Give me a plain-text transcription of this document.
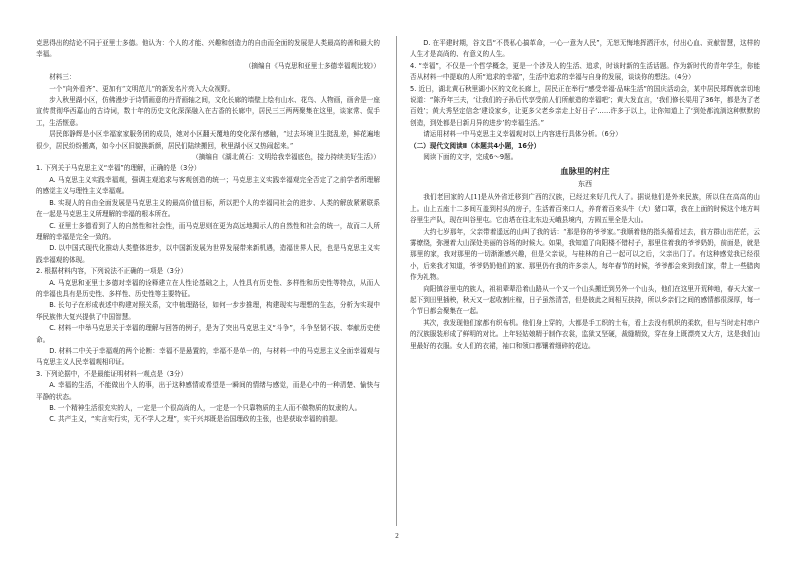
克思得出的结论不同于亚里士多德。他认为：个人的才能、兴趣和创造力的自由而全面的发展是人类最高的善和最大的幸福。

（摘编自《马克思和亚里士多德幸福观比较》）

材料三：

一个“向外看齐”、更加有“文明范儿”的新发名片亮入大众视野。

步入秋里湖小区，仿佛漫步于诗情画意的丹青画轴之间，文化长廊的墙壁上绘有山水、花鸟、人物画，画舍是一座宣传贯彻华西嘉山的古诗词，数十年的历史文化深深融入在古香的长廊中，居民三三两两聚集在这里，谈家常、侃手工，生活惬意。

居民郎静辉是小区幸福家家服务团的成员，她对小区翻天覆地的变化深有感触，“过去环境卫生挺乱差，鲜花遍地很少，居民纷纷搬离，如今小区旧貌换新颜，居民们陆续搬回，秋里湖小区又热闹起来。”

（摘编自《湖北黄石：文明给我幸福底色，接力持续美好生活》）

1. 下列关于马克思主义“幸福”的理解，正确的是（3分）

A. 马克思主义实践幸福观，强调主观追求与客观创造的统一；马克思主义实践幸福观完全否定了之前学者所理解的感觉主义与理性主义幸福观。

B. 实现人的自由全面发展是马克思主义的最高价值目标，所以把个人的幸福同社会的进步、人类的解放紧紧联系在一起是马克思主义所理解的幸福的根本所在。

C. 亚里士多德看到了人的自然性和社会性，而马克思则在更为高远地揭示人的自然性和社会的统一，故而二人所理解的幸福是完全一致的。

D. 以中国式现代化推动人类整体进步，以中国新发展为世界发展带来新机遇，造福世界人民，也是马克思主义实践幸福观的体现。

2. 根据材料内容，下列说法不正确的一项是（3分）

A. 马克思和亚里士多德对幸福的诠释建立在人性论基础之上，人性具有历史性、多样性和历史性等特点，从而人的幸福也具有是历史性、多样性、历史性等主要特征。

B. 长句子在形成表述中构建对照关系，文中梳理路径，如何一步步推理，构建现实与理想的生态，分析为实现中华民族伟大复兴提供了中国智慧。

C. 材料一中举马克思关于幸福的理解与回答的例子，是为了突出马克思主义“斗争”，斗争坚韧不拔、奉献历史使命。

D. 材料二中关于幸福观的两个论断：幸福不是悬置的，幸福不是单一的，与材料一中的马克思主义全面幸福观与马克思主义人民幸福观相印证。

3. 下列论据中，不是最能证明材料一观点是（3分）

A. 幸福的生活，不能做出个人的事，出于这种感情或希望是一瞬间的情绪与感觉，而是心中的一种清楚、愉快与平静的状态。

B. 一个精神生活很充实的人，一定是一个很高尚的人，一定是一个只靠物质的主人而不做物质的奴隶的人。

C. 共产主义，“实言实行实，无不学人之理”，实干兴邦既是治国理政的主张，也是获取幸福的前提。

D. 在平建时期，谷文昌“不畏私心搞革命，一心一意为人民”，无恕无悔地挥洒汗水，付出心血、贡献智慧，这样的人生才是高尚的、有意义的人生。

4. “幸福”，不仅是一个哲学概念，更是一个涉及人的生活、追求，时该时新的生活话题。作为新时代的青年学生，你能否从材料一中提取的人所“追求的幸福”，生活中追求的幸福与自身的发展，谈谈你的想法。（4分）

5. 近日，湖北黄石秋里湖小区的文化长廊上，居民正在举行“感受幸福·品味生活”的国庆活动会，某中居民郑辉就亲切地说道：“陈乔年三夫，‘让我们的子孙后代享受前人们所献造的幸福吧’；黄大发直言，‘我们修长渠用了36年，都是为了老百姓’；黄大秀坚定信念‘建设家乡，让更多父老乡亲走上好日子’……许多于以上，让你知道上了‘到处都流淌这种默默的创造，到处都是日新月异的进步’的幸福生活。”

请运用材料一中马克思主义幸福观对以上内容进行具体分析。（6分）

（二）现代文阅读Ⅱ（本题共4小题，16分）

阅读下面的文字，完成6～9题。

血脉里的村庄

东西

我们老回家的人[1]是从外省迁移到广西的汉族，已经过来好几代人了。据说他们是外来民族，所以住在高高的山上。山上五座十二多间互盖到村头的房子，生活着百来口人，养育着百来头牛（犬）猪口罩，我在上面的时候这个地方叫谷里生产队，现在叫谷里屯。它由塔在往北东边天峨县境内，方圆五里全是大山。

大约七岁那年，父亲带着遥远的山叫了我的话：“那是你的爷爷家。”我顺着他的指头循看过去，前方群山出茫茫，云雾缭绕，弥漫着大山深处美丽的谷场的时候大。如果，我知道了向阳楼不错村子，那里住着我的爷爷奶奶，前面是，就是那里的家，我对那里的一切渐渐感兴趣，但是父亲说，与桂林的自己一起可以之后，父亲出门了。有这种感觉我已经很小，后来我才知道，爷爷奶奶他们的家、那里仍有我的许多亲人，每年春节的时候，爷爷都会来到我们家，带上一些腊肉作为礼物。

向阳镇谷里屯的族人，祖祖辈辈沿着山路从一个又一个山头搬迁到另外一个山头，他们在这里开荒种地，春天大家一起下到田里插秧，秋天又一起收割庄稼，日子虽然清苦，但是彼此之间相互扶持，所以乡亲们之间的感情都很深厚，每一个节日都会聚集在一起。

其次，我发现他们家都有织布机。他们身上穿的，大都是手工织的土布，看上去没有机织的柔软，但与当时走村串户的汉族服装形成了鲜明的对比。上年轻姑娘精于制作衣裳，监狱又坚硬，裁缝精致，穿在身上既漂亮又大方，这是我们山里最好的衣服。女人们的衣裙，袖口和领口都镶着细碎的花边。

2
